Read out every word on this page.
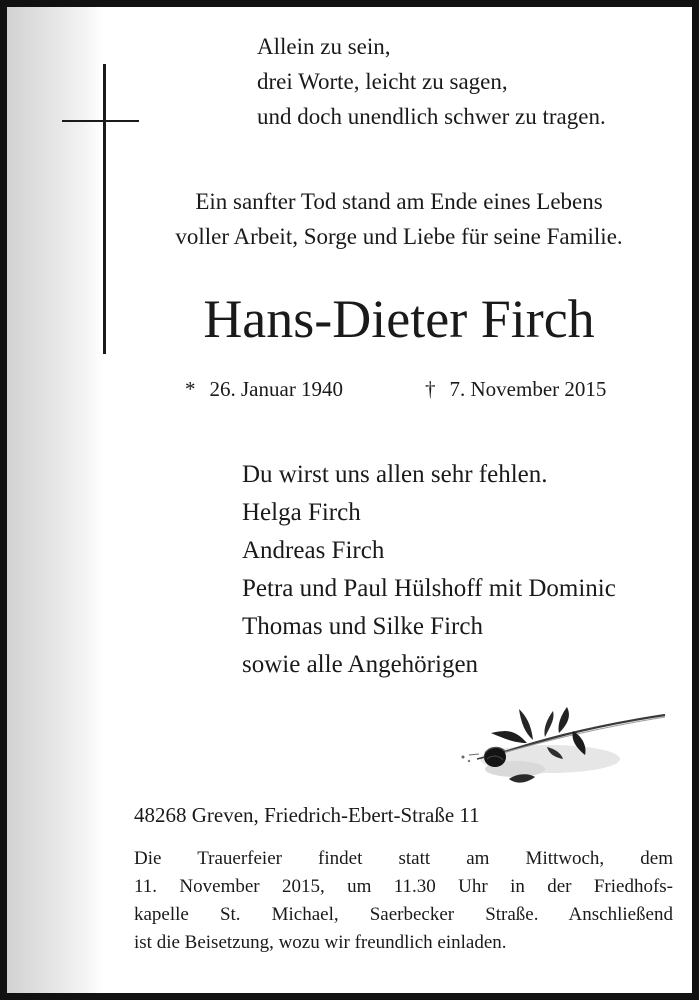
Allein zu sein,
drei Worte, leicht zu sagen,
und doch unendlich schwer zu tragen.
Ein sanfter Tod stand am Ende eines Lebens
voller Arbeit, Sorge und Liebe für seine Familie.
Hans-Dieter Firch
* 26. Januar 1940	† 7. November 2015
Du wirst uns allen sehr fehlen.
Helga Firch
Andreas Firch
Petra und Paul Hülshoff mit Dominic
Thomas und Silke Firch
sowie alle Angehörigen
48268 Greven, Friedrich-Ebert-Straße 11
Die Trauerfeier findet statt am Mittwoch, dem
11. November 2015, um 11.30 Uhr in der Friedhofs-
kapelle St. Michael, Saerbecker Straße. Anschließend
ist die Beisetzung, wozu wir freundlich einladen.
